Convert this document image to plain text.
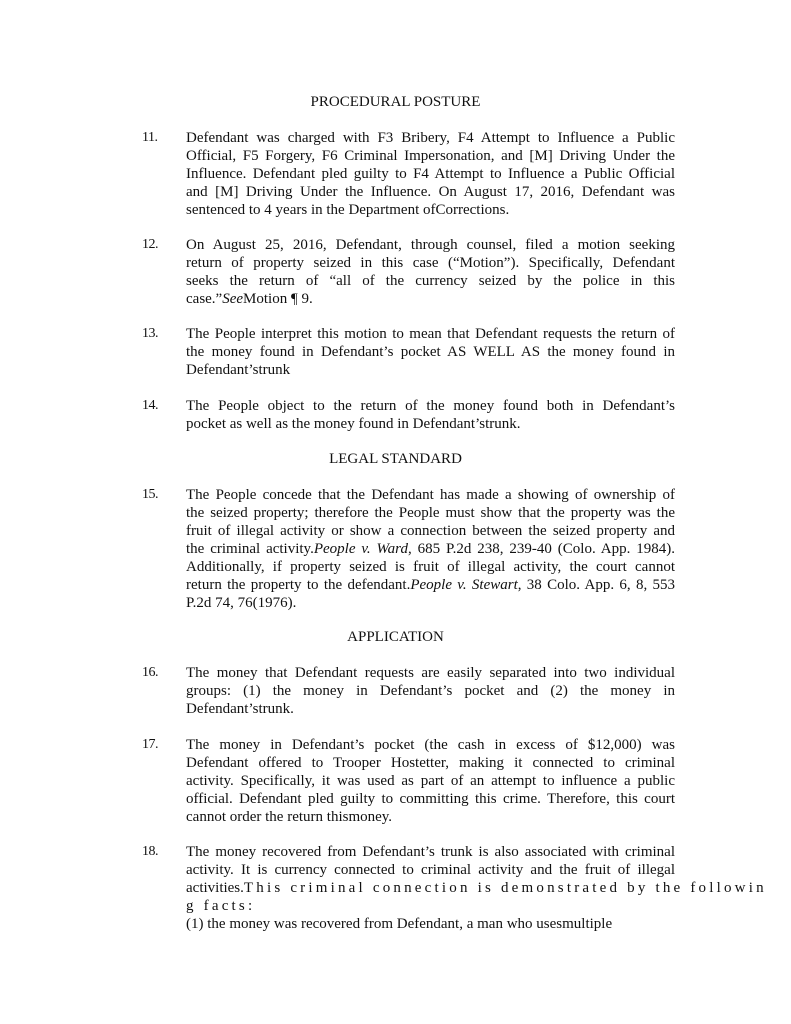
PROCEDURAL POSTURE
11.	Defendant was charged with F3 Bribery, F4 Attempt to Influence a Public
Official, F5 Forgery, F6 Criminal Impersonation, and [M] Driving Under the
Influence. Defendant pled guilty to F4 Attempt to Influence a Public Official
and [M] Driving Under the Influence. On August 17, 2016, Defendant was
sentenced to 4 years in the Department ofCorrections.
12.	On August 25, 2016, Defendant, through counsel, filed a motion seeking
return of property seized in this case (“Motion”). Specifically, Defendant
seeks the return of “all of the currency seized by the police in this
case.”SeeMotion ¶ 9.
13.	The People interpret this motion to mean that Defendant requests the return of
the money found in Defendant’s pocket AS WELL AS the money found in
Defendant’strunk
14.	The People object to the return of the money found both in Defendant’s
pocket as well as the money found in Defendant’strunk.
LEGAL STANDARD
15.	The People concede that the Defendant has made a showing of ownership of
the seized property; therefore the People must show that the property was the
fruit of illegal activity or show a connection between the seized property and
the criminal activity.People v. Ward, 685 P.2d 238, 239-40 (Colo. App. 1984).
Additionally, if property seized is fruit of illegal activity, the court cannot
return the property to the defendant.People v. Stewart, 38 Colo. App. 6, 8, 553
P.2d 74, 76(1976).
APPLICATION
16.	The money that Defendant requests are easily separated into two individual
groups: (1) the money in Defendant’s pocket and (2) the money in
Defendant’strunk.
17.	The money in Defendant’s pocket (the cash in excess of $12,000) was
Defendant offered to Trooper Hostetter, making it connected to criminal
activity. Specifically, it was used as part of an attempt to influence a public
official. Defendant pled guilty to committing this crime. Therefore, this court
cannot order the return thismoney.
18.	The money recovered from Defendant’s trunk is also associated with criminal
activity. It is currency connected to criminal activity and the fruit of illegal
activities.This criminal connection is demonstrated by the followin
g facts:
(1) the money was recovered from Defendant, a man who usesmultiple
